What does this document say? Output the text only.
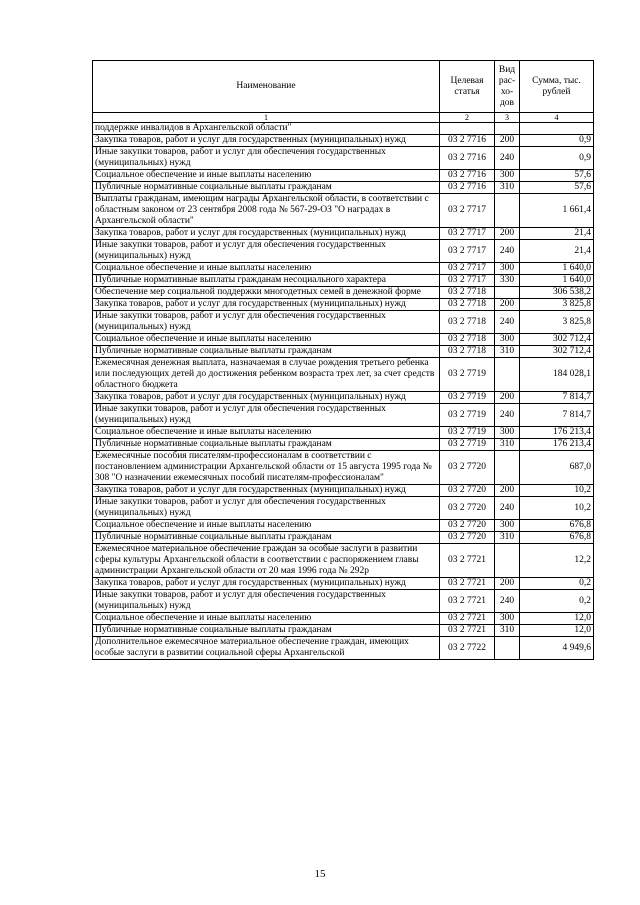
Наименование	Целевая статья	Вид рас-хо-дов	Сумма, тыс. рублей
1	2	3	4
поддержке инвалидов в Архангельской области"			
Закупка товаров, работ и услуг для государственных (муниципальных) нужд	03 2 7716	200	0,9
Иные закупки товаров, работ и услуг для обеспечения государственных (муниципальных) нужд	03 2 7716	240	0,9
Социальное обеспечение и иные выплаты населению	03 2 7716	300	57,6
Публичные нормативные социальные выплаты гражданам	03 2 7716	310	57,6
Выплаты гражданам, имеющим награды Архангельской области, в соответствии с областным законом от 23 сентября 2008 года № 567-29-ОЗ "О наградах в Архангельской области"	03 2 7717		1 661,4
Закупка товаров, работ и услуг для государственных (муниципальных) нужд	03 2 7717	200	21,4
Иные закупки товаров, работ и услуг для обеспечения государственных (муниципальных) нужд	03 2 7717	240	21,4
Социальное обеспечение и иные выплаты населению	03 2 7717	300	1 640,0
Публичные нормативные выплаты гражданам несоциального характера	03 2 7717	330	1 640,0
Обеспечение мер социальной поддержки многодетных семей в денежной форме	03 2 7718		306 538,2
Закупка товаров, работ и услуг для государственных (муниципальных) нужд	03 2 7718	200	3 825,8
Иные закупки товаров, работ и услуг для обеспечения государственных (муниципальных) нужд	03 2 7718	240	3 825,8
Социальное обеспечение и иные выплаты населению	03 2 7718	300	302 712,4
Публичные нормативные социальные выплаты гражданам	03 2 7718	310	302 712,4
Ежемесячная денежная выплата, назначаемая в случае рождения третьего ребенка или последующих детей до достижения ребенком возраста трех лет, за счет средств областного бюджета	03 2 7719		184 028,1
Закупка товаров, работ и услуг для государственных (муниципальных) нужд	03 2 7719	200	7 814,7
Иные закупки товаров, работ и услуг для обеспечения государственных (муниципальных) нужд	03 2 7719	240	7 814,7
Социальное обеспечение и иные выплаты населению	03 2 7719	300	176 213,4
Публичные нормативные социальные выплаты гражданам	03 2 7719	310	176 213,4
Ежемесячные пособия писателям-профессионалам в соответствии с постановлением администрации Архангельской области от 15 августа 1995 года № 308 "О назначении ежемесячных пособий писателям-профессионалам"	03 2 7720		687,0
Закупка товаров, работ и услуг для государственных (муниципальных) нужд	03 2 7720	200	10,2
Иные закупки товаров, работ и услуг для обеспечения государственных (муниципальных) нужд	03 2 7720	240	10,2
Социальное обеспечение и иные выплаты населению	03 2 7720	300	676,8
Публичные нормативные социальные выплаты гражданам	03 2 7720	310	676,8
Ежемесячное материальное обеспечение граждан за особые заслуги в развитии сферы культуры Архангельской области в соответствии с распоряжением главы администрации Архангельской области от 20 мая 1996 года № 292р	03 2 7721		12,2
Закупка товаров, работ и услуг для государственных (муниципальных) нужд	03 2 7721	200	0,2
Иные закупки товаров, работ и услуг для обеспечения государственных (муниципальных) нужд	03 2 7721	240	0,2
Социальное обеспечение и иные выплаты населению	03 2 7721	300	12,0
Публичные нормативные социальные выплаты гражданам	03 2 7721	310	12,0
Дополнительное ежемесячное материальное обеспечение граждан, имеющих особые заслуги в развитии социальной сферы Архангельской	03 2 7722		4 949,6
15
